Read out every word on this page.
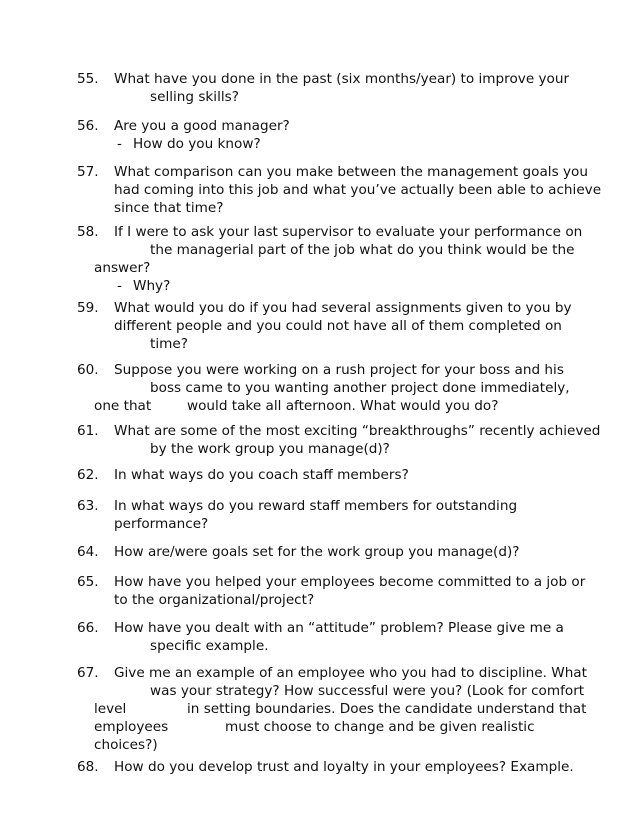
55. What have you done in the past (six months/year) to improve your
selling skills?
56. Are you a good manager?
- How do you know?
57. What comparison can you make between the management goals you
had coming into this job and what you’ve actually been able to achieve
since that time?
58. If I were to ask your last supervisor to evaluate your performance on
the managerial part of the job what do you think would be the
answer?
- Why?
59. What would you do if you had several assignments given to you by
different people and you could not have all of them completed on
time?
60. Suppose you were working on a rush project for your boss and his
boss came to you wanting another project done immediately,
one that	would take all afternoon. What would you do?
61. What are some of the most exciting “breakthroughs” recently achieved
by the work group you manage(d)?
62. In what ways do you coach staff members?
63. In what ways do you reward staff members for outstanding
performance?
64. How are/were goals set for the work group you manage(d)?
65. How have you helped your employees become committed to a job or
to the organizational/project?
66. How have you dealt with an “attitude” problem? Please give me a
specific example.
67. Give me an example of an employee who you had to discipline. What
was your strategy? How successful were you? (Look for comfort
level	in setting boundaries. Does the candidate understand that
employees	must choose to change and be given realistic
choices?)
68. How do you develop trust and loyalty in your employees? Example.
